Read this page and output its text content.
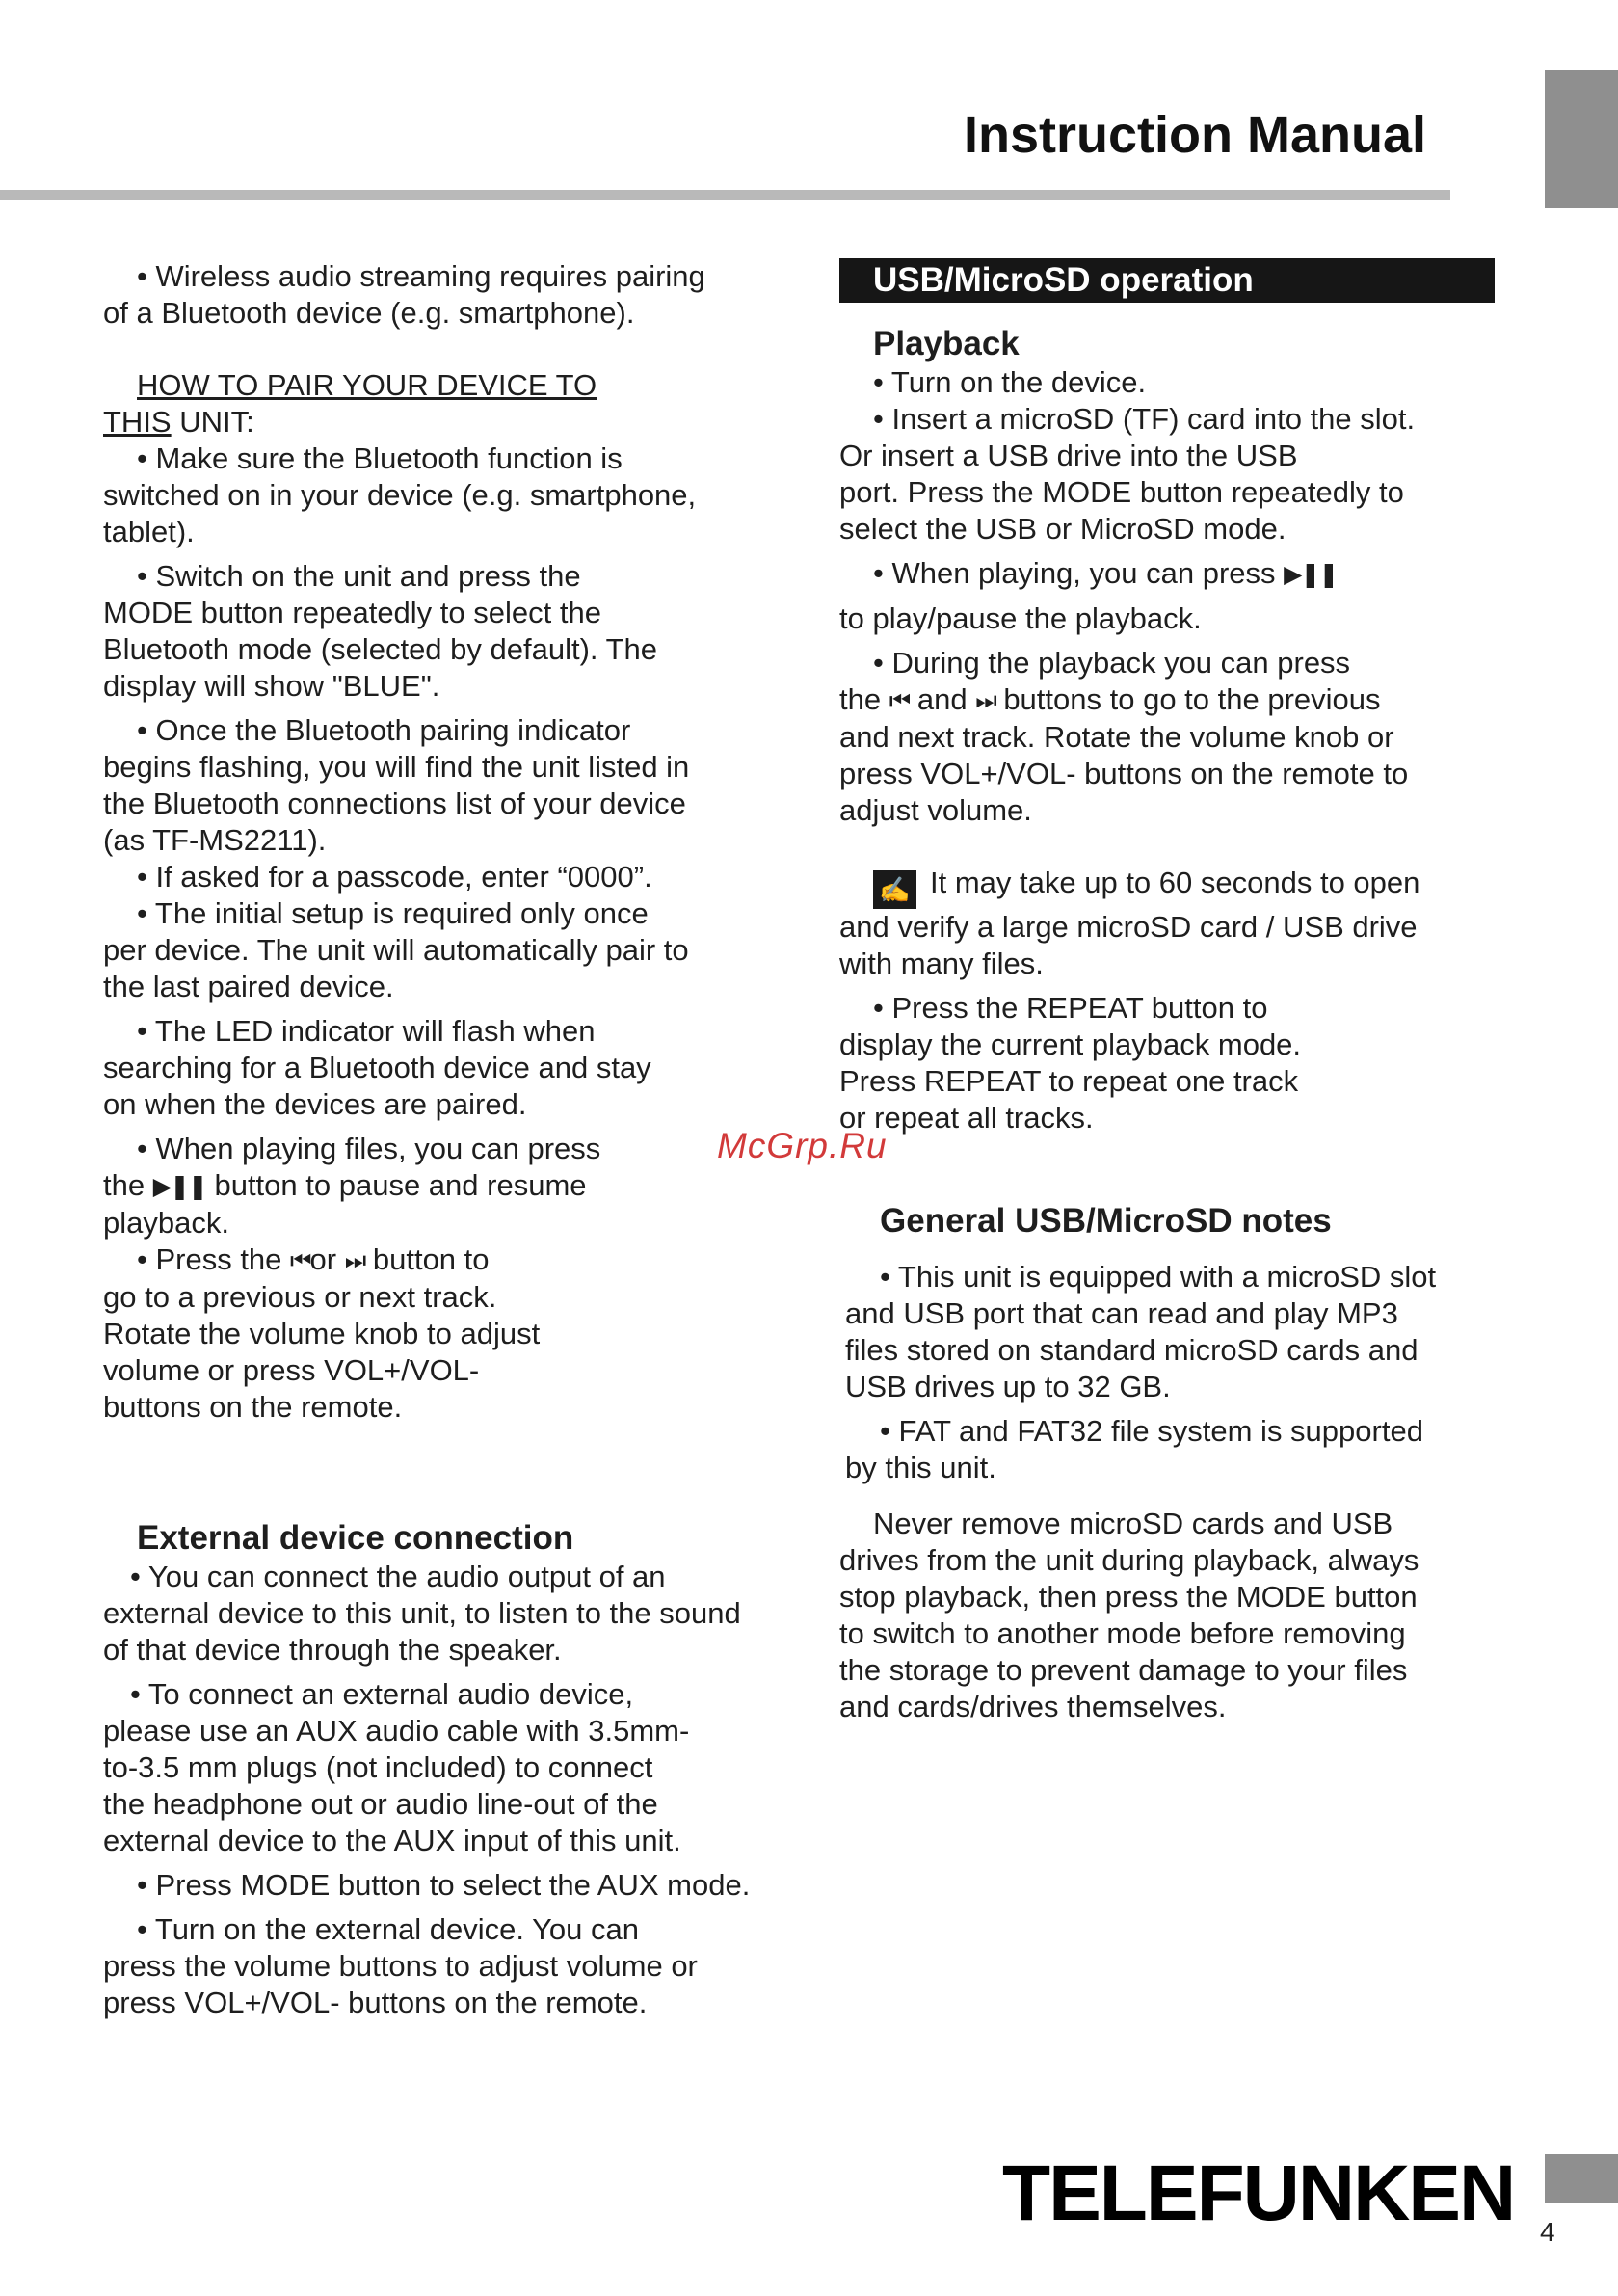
Instruction Manual

• Wireless audio streaming requires pairing

of a Bluetooth device (e.g. smartphone).

HOW TO PAIR YOUR DEVICE TO

THIS UNIT:

• Make sure the Bluetooth function is

switched on in your device (e.g. smartphone,

tablet).

• Switch on the unit and press the

MODE button repeatedly to select the

Bluetooth mode (selected by default). The

display will show "BLUE".

• Once the Bluetooth pairing indicator

begins flashing, you will find the unit listed in

the Bluetooth connections list of your device

(as TF-MS2211).

• If asked for a passcode, enter “0000”.

• The initial setup is required only once

per device. The unit will automatically pair to

the last paired device.

• The LED indicator will flash when

searching for a Bluetooth device and stay

on when the devices are paired.

• When playing files, you can press

the ▶❚❚ button to pause and resume

playback.

• Press the ⏮or ⏭ button to

go to a previous or next track.

Rotate the volume knob to adjust

volume or press VOL+/VOL-

buttons on the remote.

External device connection

• You can connect the audio output of an

external device to this unit, to listen to the sound

of that device through the speaker.

• To connect an external audio device,

please use an AUX audio cable with 3.5mm-

to-3.5 mm plugs (not included) to connect

the headphone out or audio line-out of the

external device to the AUX input of this unit.

• Press MODE button to select the AUX mode.

• Turn on the external device. You can

press the volume buttons to adjust volume or

press VOL+/VOL- buttons on the remote.

USB/MicroSD operation

Playback

• Turn on the device.

• Insert a microSD (TF) card into the slot.

Or insert a USB drive into the USB

port. Press the MODE button repeatedly to

select the USB or MicroSD mode.

• When playing, you can press ▶❚❚

to play/pause the playback.

• During the playback you can press

the ⏮ and ⏭ buttons to go to the previous

and next track. Rotate the volume knob or

press VOL+/VOL- buttons on the remote to

adjust volume.

✍ It may take up to 60 seconds to open

and verify a large microSD card / USB drive

with many files.

• Press the REPEAT button to

display the current playback mode.

Press REPEAT to repeat one track

or repeat all tracks.

General USB/MicroSD notes

• This unit is equipped with a microSD slot

and USB port that can read and play MP3

files stored on standard microSD cards and

USB drives up to 32 GB.

• FAT and FAT32 file system is supported

by this unit.

Never remove microSD cards and USB

drives from the unit during playback, always

stop playback, then press the MODE button

to switch to another mode before removing

the storage to prevent damage to your files

and cards/drives themselves.

McGrp.Ru
TELEFUNKEN 4
